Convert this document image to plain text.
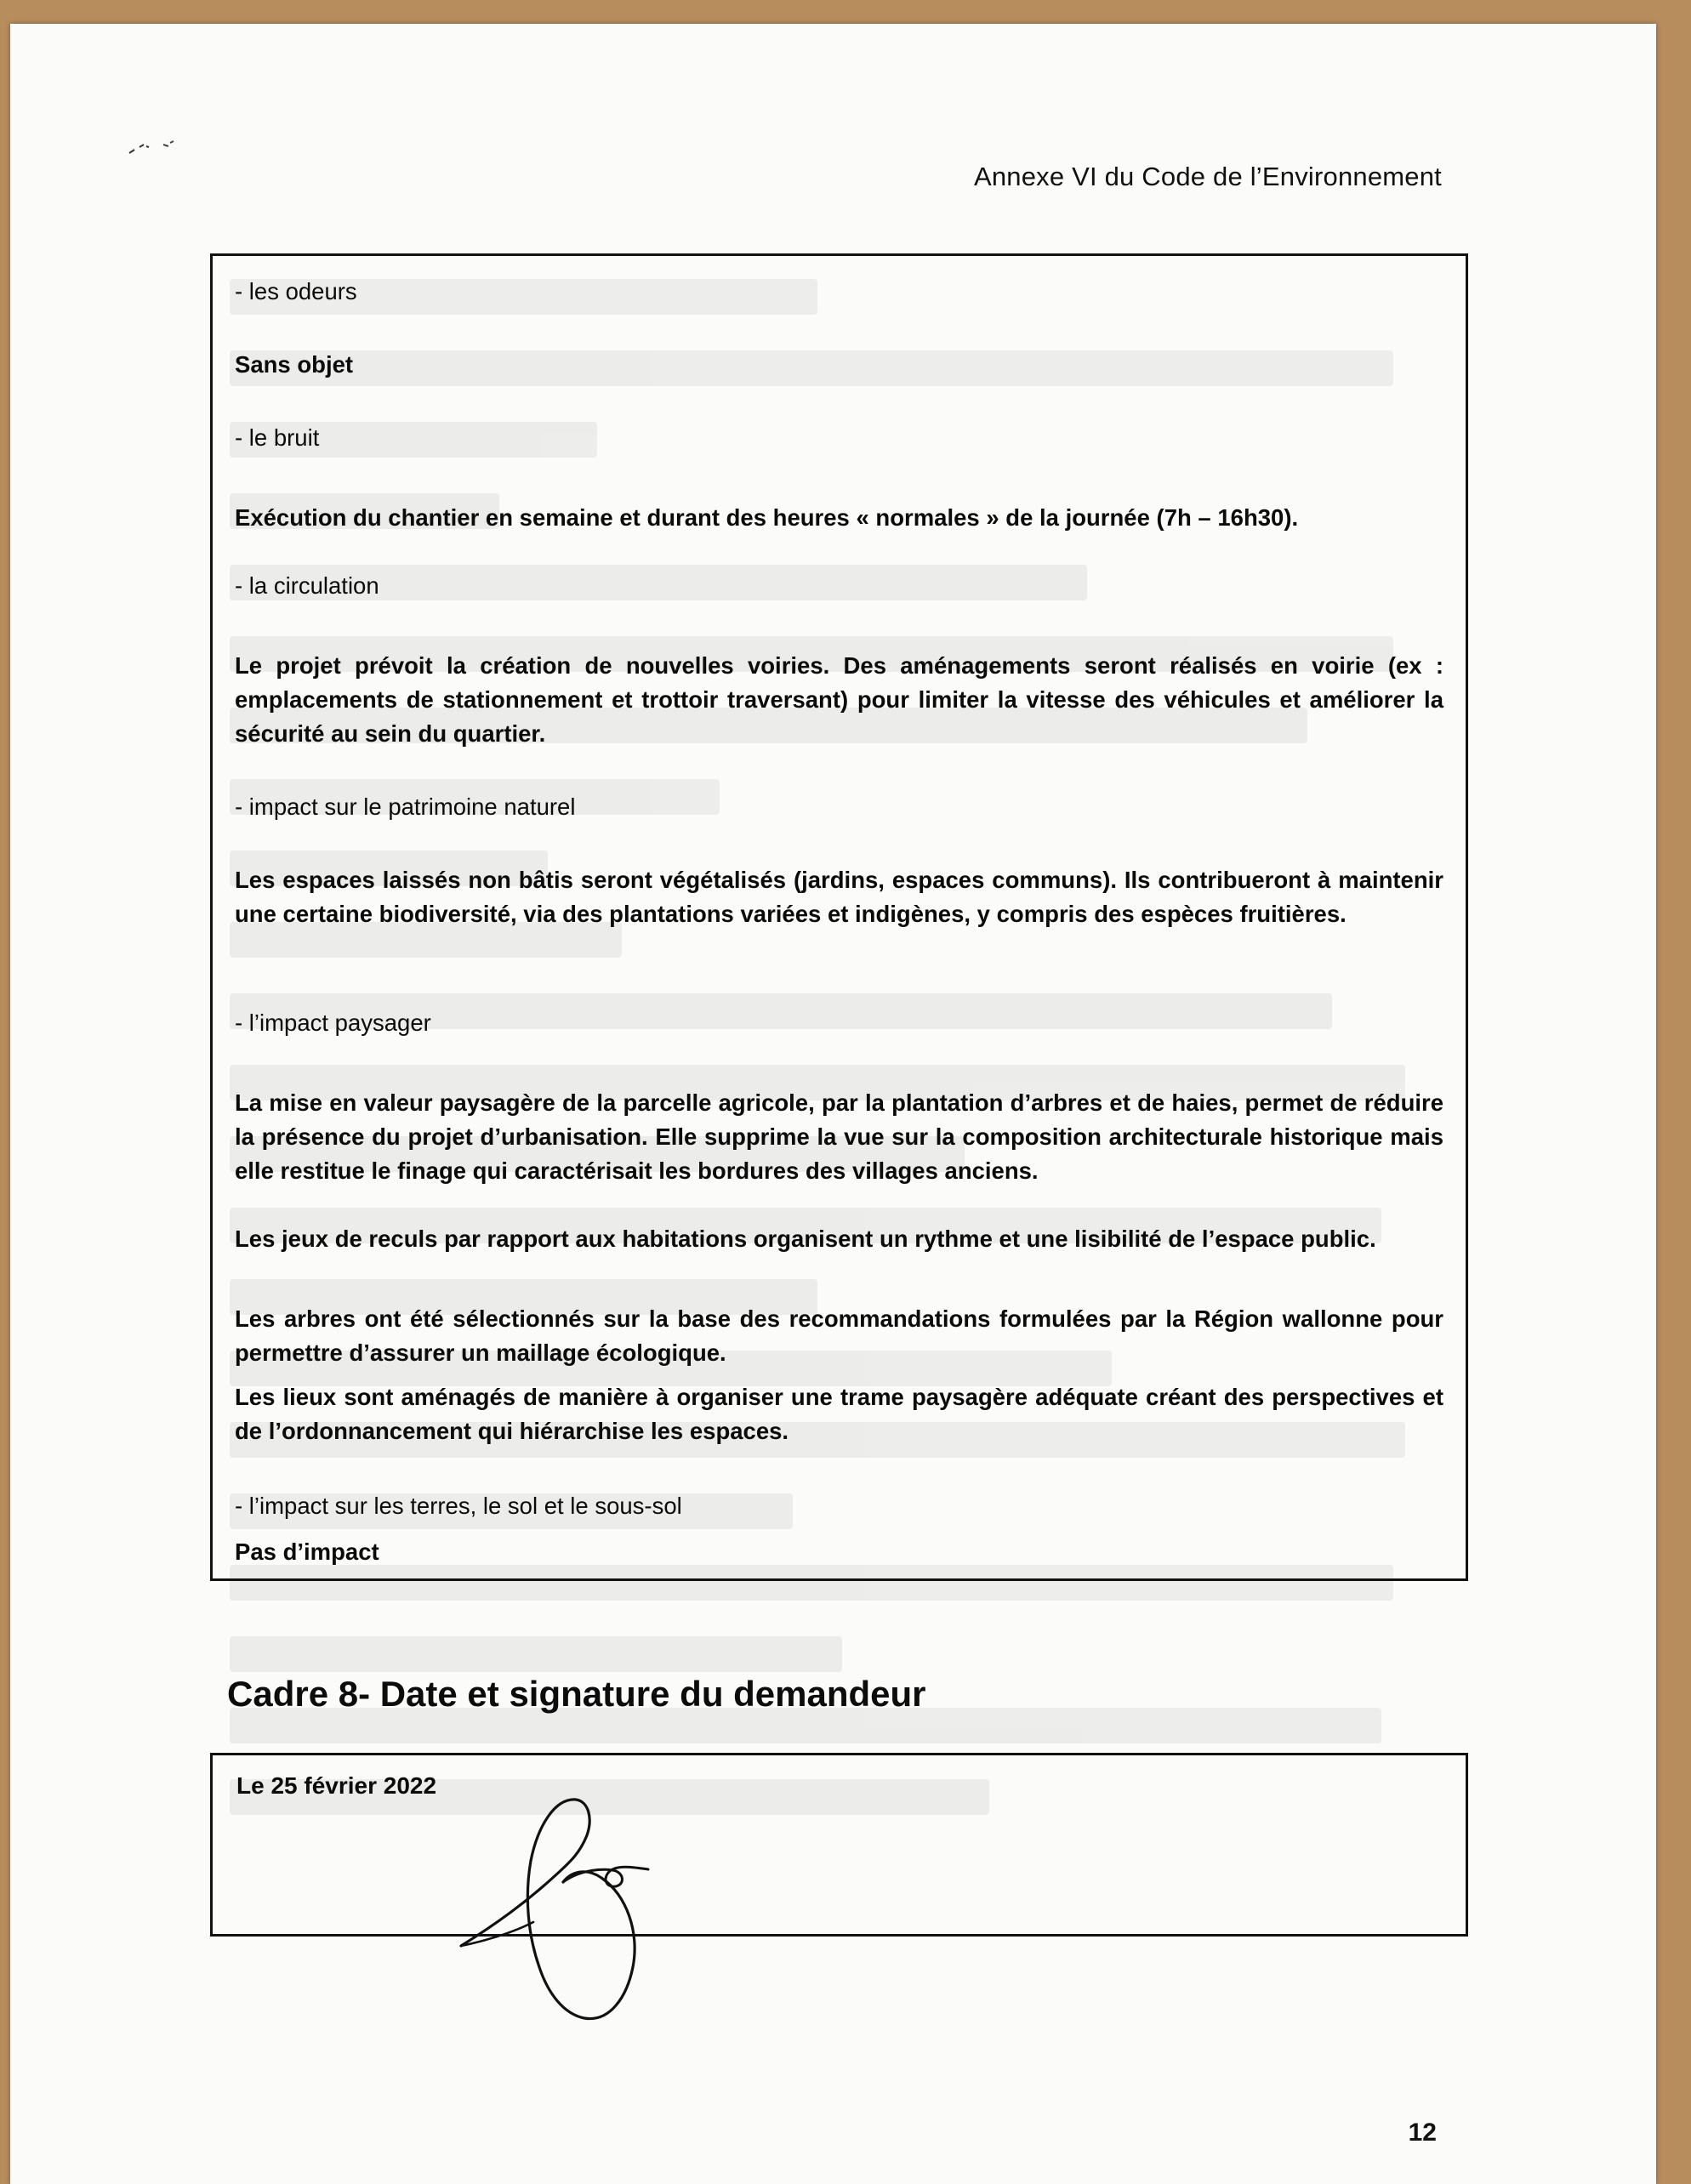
Annexe VI du Code de l’Environnement
- les odeurs
Sans objet
- le bruit
Exécution du chantier en semaine et durant des heures « normales » de la journée (7h – 16h30).
- la circulation
Le projet prévoit la création de nouvelles voiries. Des aménagements seront réalisés en voirie (ex : emplacements de stationnement et trottoir traversant) pour limiter la vitesse des véhicules et améliorer la sécurité au sein du quartier.
- impact sur le patrimoine naturel
Les espaces laissés non bâtis seront végétalisés (jardins, espaces communs). Ils contribueront à maintenir une certaine biodiversité, via des plantations variées et indigènes, y compris des espèces fruitières.
- l’impact paysager
La mise en valeur paysagère de la parcelle agricole, par la plantation d’arbres et de haies, permet de réduire la présence du projet d’urbanisation. Elle supprime la vue sur la composition architecturale historique mais elle restitue le finage qui caractérisait les bordures des villages anciens.
Les jeux de reculs par rapport aux habitations organisent un rythme et une lisibilité de l’espace public.
Les arbres ont été sélectionnés sur la base des recommandations formulées par la Région wallonne pour permettre d’assurer un maillage écologique.
Les lieux sont aménagés de manière à organiser une trame paysagère adéquate créant des perspectives et de l’ordonnancement qui hiérarchise les espaces.
- l’impact sur les terres, le sol et le sous-sol
Pas d’impact
Cadre 8- Date et signature du demandeur
Le 25 février 2022
12
